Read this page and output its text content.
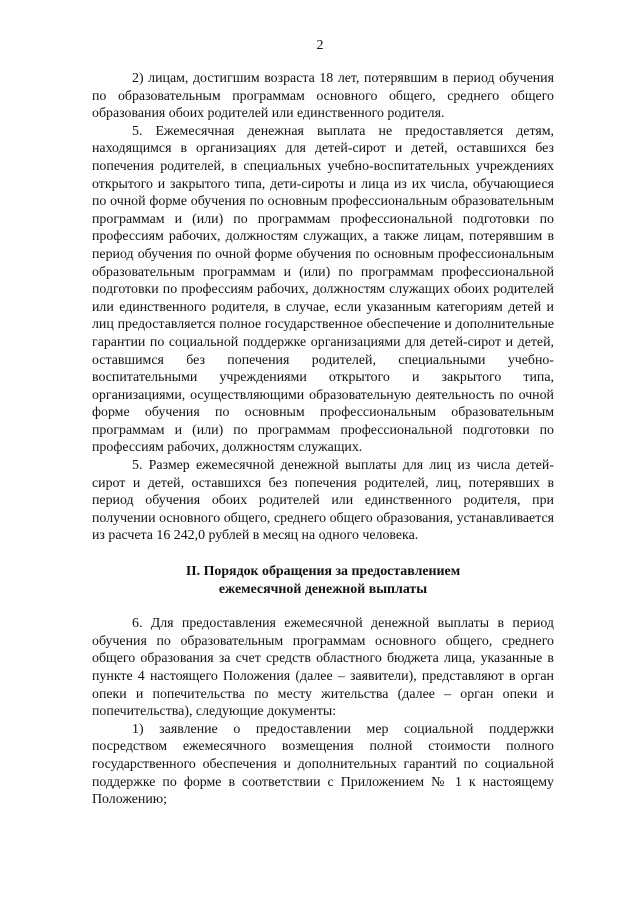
2

2) лицам, достигшим возраста 18 лет, потерявшим в период обучения по образовательным программам основного общего, среднего общего образования обоих родителей или единственного родителя.

5. Ежемесячная денежная выплата не предоставляется детям, находящимся в организациях для детей-сирот и детей, оставшихся без попечения родителей, в специальных учебно-воспитательных учреждениях открытого и закрытого типа, дети-сироты и лица из их числа, обучающиеся по очной форме обучения по основным профессиональным образовательным программам и (или) по программам профессиональной подготовки по профессиям рабочих, должностям служащих, а также лицам, потерявшим в период обучения по очной форме обучения по основным профессиональным образовательным программам и (или) по программам профессиональной подготовки по профессиям рабочих, должностям служащих обоих родителей или единственного родителя, в случае, если указанным категориям детей и лиц предоставляется полное государственное обеспечение и дополнительные гарантии по социальной поддержке организациями для детей-сирот и детей, оставшимся без попечения родителей, специальными учебно-воспитательными учреждениями открытого и закрытого типа, организациями, осуществляющими образовательную деятельность по очной форме обучения по основным профессиональным образовательным программам и (или) по программам профессиональной подготовки по профессиям рабочих, должностям служащих.

5. Размер ежемесячной денежной выплаты для лиц из числа детей-сирот и детей, оставшихся без попечения родителей, лиц, потерявших в период обучения обоих родителей или единственного родителя, при получении основного общего, среднего общего образования, устанавливается из расчета 16 242,0 рублей в месяц на одного человека.

II. Порядок обращения за предоставлением
ежемесячной денежной выплаты

6. Для предоставления ежемесячной денежной выплаты в период обучения по образовательным программам основного общего, среднего общего образования за счет средств областного бюджета лица, указанные в пункте 4 настоящего Положения (далее – заявители), представляют в орган опеки и попечительства по месту жительства (далее – орган опеки и попечительства), следующие документы:

1) заявление о предоставлении мер социальной поддержки посредством ежемесячного возмещения полной стоимости полного государственного обеспечения и дополнительных гарантий по социальной поддержке по форме в соответствии с Приложением № 1 к настоящему Положению;
